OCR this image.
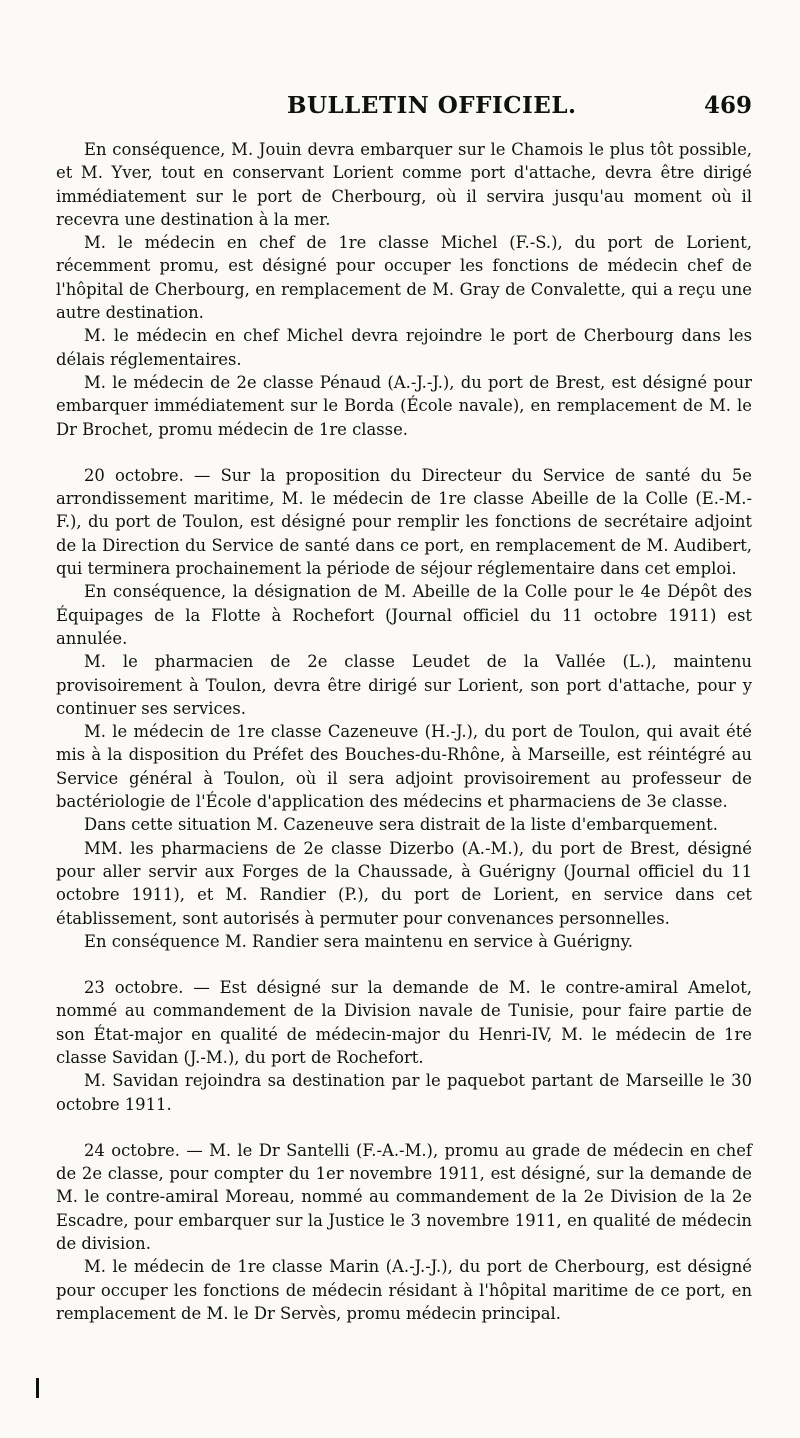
BULLETIN OFFICIEL.	469

En conséquence, M. Jouin devra embarquer sur le Chamois le plus tôt possible, et M. Yver, tout en conservant Lorient comme port d'attache, devra être dirigé immédiatement sur le port de Cherbourg, où il servira jusqu'au moment où il recevra une destination à la mer.

M. le médecin en chef de 1re classe Michel (F.-S.), du port de Lorient, récemment promu, est désigné pour occuper les fonctions de médecin chef de l'hôpital de Cherbourg, en remplacement de M. Gray de Convalette, qui a reçu une autre destination.

M. le médecin en chef Michel devra rejoindre le port de Cherbourg dans les délais réglementaires.

M. le médecin de 2e classe Pénaud (A.-J.-J.), du port de Brest, est désigné pour embarquer immédiatement sur le Borda (École navale), en remplacement de M. le Dr Brochet, promu médecin de 1re classe.

20 octobre. — Sur la proposition du Directeur du Service de santé du 5e arrondissement maritime, M. le médecin de 1re classe Abeille de la Colle (E.-M.-F.), du port de Toulon, est désigné pour remplir les fonctions de secrétaire adjoint de la Direction du Service de santé dans ce port, en remplacement de M. Audibert, qui terminera prochainement la période de séjour réglementaire dans cet emploi.

En conséquence, la désignation de M. Abeille de la Colle pour le 4e Dépôt des Équipages de la Flotte à Rochefort (Journal officiel du 11 octobre 1911) est annulée.

M. le pharmacien de 2e classe Leudet de la Vallée (L.), maintenu provisoirement à Toulon, devra être dirigé sur Lorient, son port d'attache, pour y continuer ses services.

M. le médecin de 1re classe Cazeneuve (H.-J.), du port de Toulon, qui avait été mis à la disposition du Préfet des Bouches-du-Rhône, à Marseille, est réintégré au Service général à Toulon, où il sera adjoint provisoirement au professeur de bactériologie de l'École d'application des médecins et pharmaciens de 3e classe.

Dans cette situation M. Cazeneuve sera distrait de la liste d'embarquement.

MM. les pharmaciens de 2e classe Dizerbo (A.-M.), du port de Brest, désigné pour aller servir aux Forges de la Chaussade, à Guérigny (Journal officiel du 11 octobre 1911), et M. Randier (P.), du port de Lorient, en service dans cet établissement, sont autorisés à permuter pour convenances personnelles.

En conséquence M. Randier sera maintenu en service à Guérigny.

23 octobre. — Est désigné sur la demande de M. le contre-amiral Amelot, nommé au commandement de la Division navale de Tunisie, pour faire partie de son État-major en qualité de médecin-major du Henri-IV, M. le médecin de 1re classe Savidan (J.-M.), du port de Rochefort.

M. Savidan rejoindra sa destination par le paquebot partant de Marseille le 30 octobre 1911.

24 octobre. — M. le Dr Santelli (F.-A.-M.), promu au grade de médecin en chef de 2e classe, pour compter du 1er novembre 1911, est désigné, sur la demande de M. le contre-amiral Moreau, nommé au commandement de la 2e Division de la 2e Escadre, pour embarquer sur la Justice le 3 novembre 1911, en qualité de médecin de division.

M. le médecin de 1re classe Marin (A.-J.-J.), du port de Cherbourg, est désigné pour occuper les fonctions de médecin résidant à l'hôpital maritime de ce port, en remplacement de M. le Dr Servès, promu médecin principal.
